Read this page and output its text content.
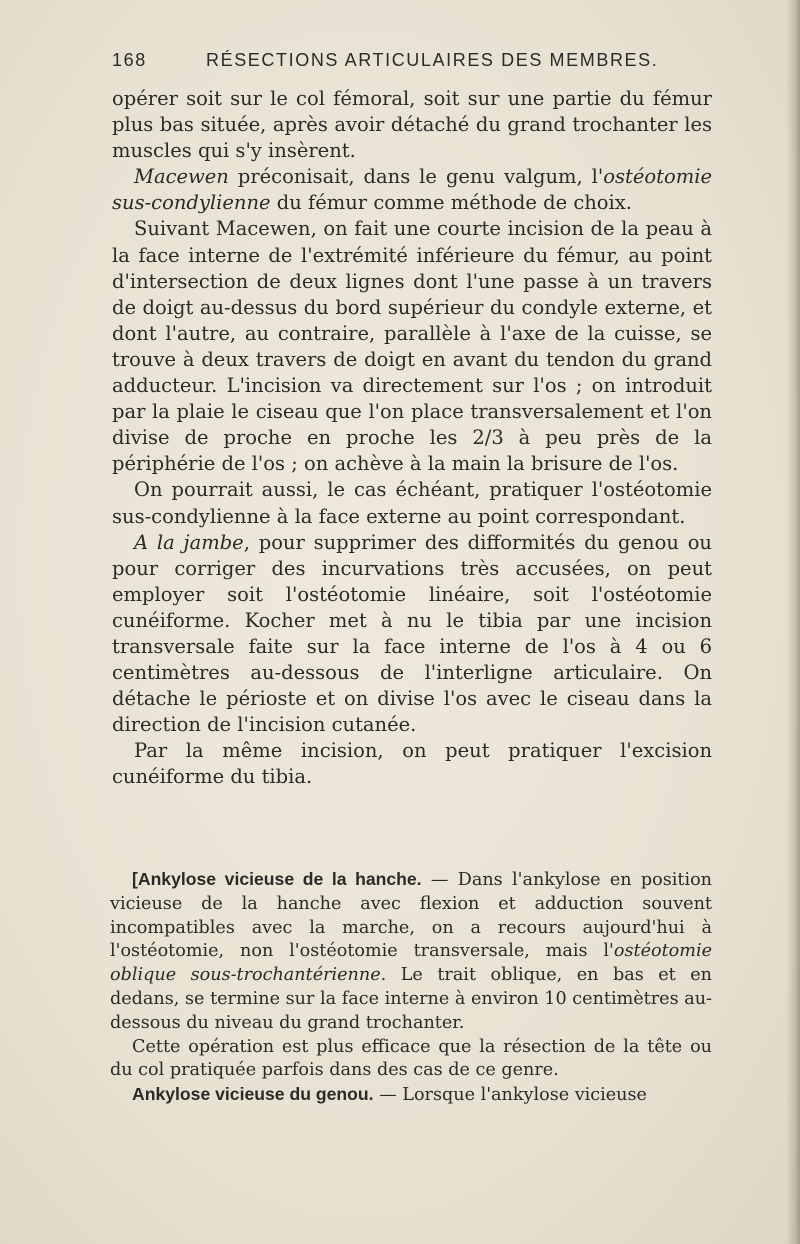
168	RÉSECTIONS ARTICULAIRES DES MEMBRES.

opérer soit sur le col fémoral, soit sur une partie du fémur plus bas située, après avoir détaché du grand trochanter les muscles qui s'y insèrent.

Macewen préconisait, dans le genu valgum, l'ostéotomie sus-condylienne du fémur comme méthode de choix.

Suivant Macewen, on fait une courte incision de la peau à la face interne de l'extrémité inférieure du fémur, au point d'intersection de deux lignes dont l'une passe à un travers de doigt au-dessus du bord supérieur du condyle externe, et dont l'autre, au contraire, parallèle à l'axe de la cuisse, se trouve à deux travers de doigt en avant du tendon du grand adducteur. L'incision va directement sur l'os ; on introduit par la plaie le ciseau que l'on place transversalement et l'on divise de proche en proche les 2/3 à peu près de la périphérie de l'os ; on achève à la main la brisure de l'os.

On pourrait aussi, le cas échéant, pratiquer l'ostéotomie sus-condylienne à la face externe au point correspondant.

A la jambe, pour supprimer des difformités du genou ou pour corriger des incurvations très accusées, on peut employer soit l'ostéotomie linéaire, soit l'ostéotomie cunéiforme. Kocher met à nu le tibia par une incision transversale faite sur la face interne de l'os à 4 ou 6 centimètres au-dessous de l'interligne articulaire. On détache le périoste et on divise l'os avec le ciseau dans la direction de l'incision cutanée.

Par la même incision, on peut pratiquer l'excision cunéiforme du tibia.

[Ankylose vicieuse de la hanche. — Dans l'ankylose en position vicieuse de la hanche avec flexion et adduction souvent incompatibles avec la marche, on a recours aujourd'hui à l'ostéotomie, non l'ostéotomie transversale, mais l'ostéotomie oblique sous-trochantérienne. Le trait oblique, en bas et en dedans, se termine sur la face interne à environ 10 centimètres au-dessous du niveau du grand trochanter.

Cette opération est plus efficace que la résection de la tête ou du col pratiquée parfois dans des cas de ce genre.

Ankylose vicieuse du genou. — Lorsque l'ankylose vicieuse
